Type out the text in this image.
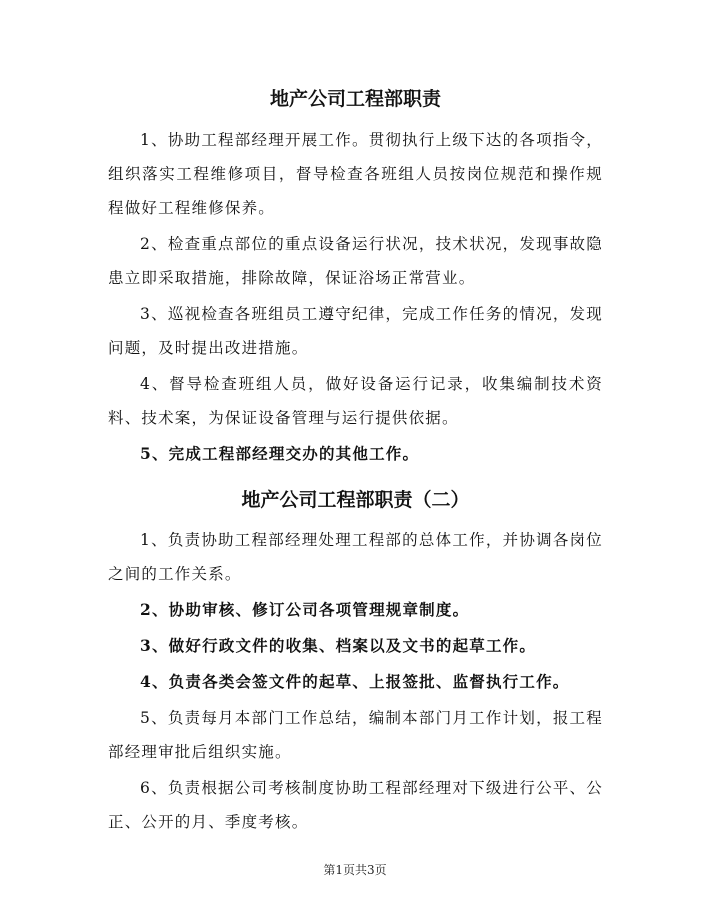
地产公司工程部职责

1、协助工程部经理开展工作。贯彻执行上级下达的各项指令，组织落实工程维修项目，督导检查各班组人员按岗位规范和操作规程做好工程维修保养。

2、检查重点部位的重点设备运行状况，技术状况，发现事故隐患立即采取措施，排除故障，保证浴场正常营业。

3、巡视检查各班组员工遵守纪律，完成工作任务的情况，发现问题，及时提出改进措施。

4、督导检查班组人员，做好设备运行记录，收集编制技术资料、技术案，为保证设备管理与运行提供依据。

5、完成工程部经理交办的其他工作。

地产公司工程部职责（二）

1、负责协助工程部经理处理工程部的总体工作，并协调各岗位之间的工作关系。

2、协助审核、修订公司各项管理规章制度。

3、做好行政文件的收集、档案以及文书的起草工作。

4、负责各类会签文件的起草、上报签批、监督执行工作。

5、负责每月本部门工作总结，编制本部门月工作计划，报工程部经理审批后组织实施。

6、负责根据公司考核制度协助工程部经理对下级进行公平、公正、公开的月、季度考核。

第1页共3页
